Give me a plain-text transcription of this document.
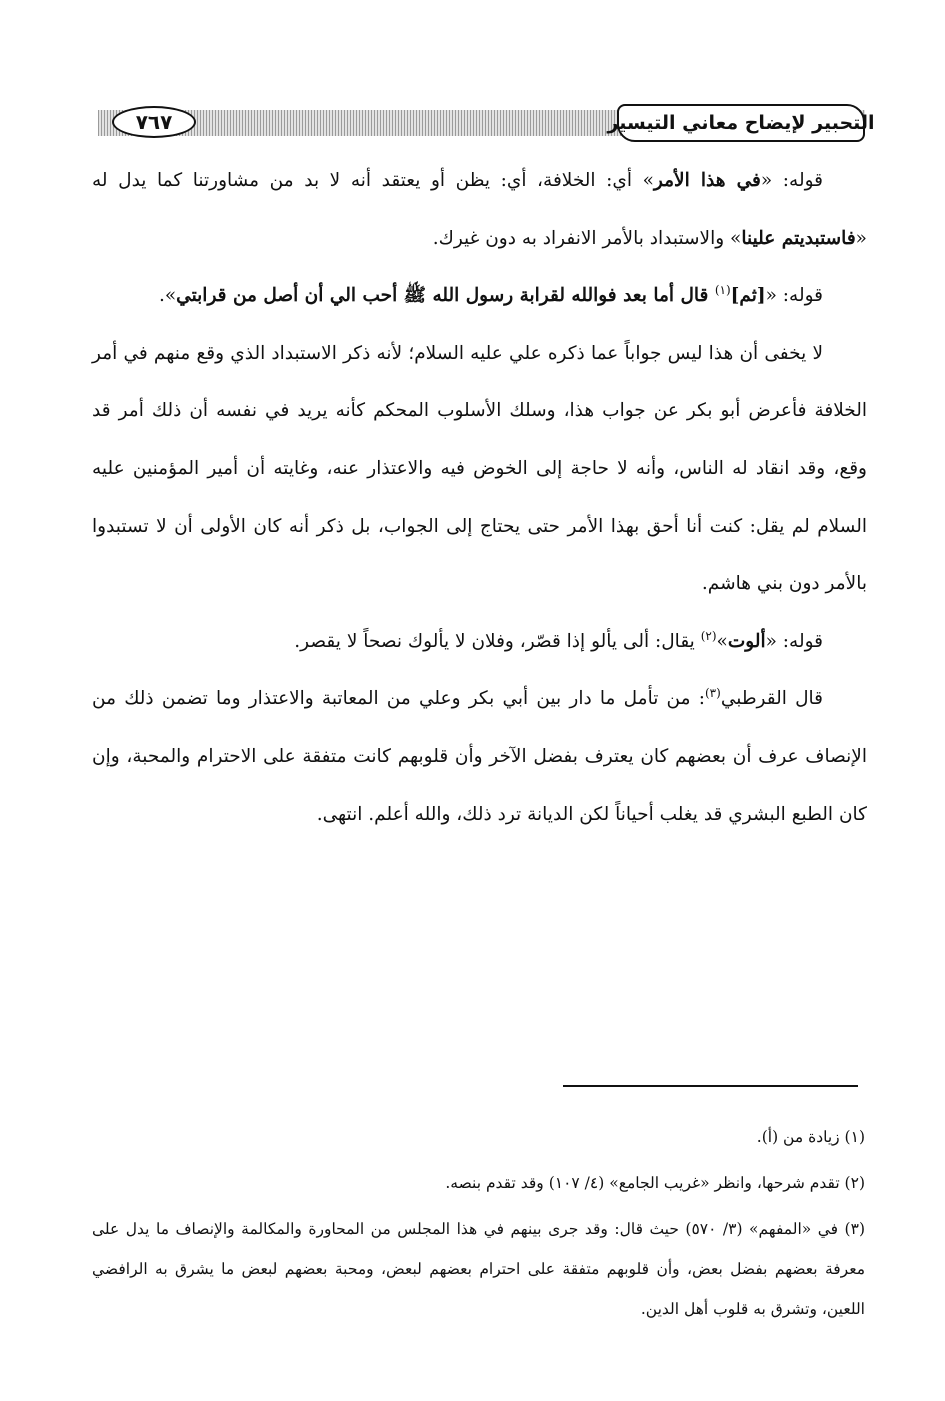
٧٦٧	التحبير لإيضاح معاني التيسير

قوله: «في هذا الأمر» أي: الخلافة، أي: يظن أو يعتقد أنه لا بد من مشاورتنا كما يدل له «فاستبديتم علينا» والاستبداد بالأمر الانفراد به دون غيرك.

قوله: «[ثم]$^{(١)}$ قال أما بعد فوالله لقرابة رسول الله ﷺ أحب الي أن أصل من قرابتي».

لا يخفى أن هذا ليس جواباً عما ذكره علي عليه السلام؛ لأنه ذكر الاستبداد الذي وقع منهم في أمر الخلافة فأعرض أبو بكر عن جواب هذا، وسلك الأسلوب المحكم كأنه يريد في نفسه أن ذلك أمر قد وقع، وقد انقاد له الناس، وأنه لا حاجة إلى الخوض فيه والاعتذار عنه، وغايته أن أمير المؤمنين عليه السلام لم يقل: كنت أنا أحق بهذا الأمر حتى يحتاج إلى الجواب، بل ذكر أنه كان الأولى أن لا تستبدوا بالأمر دون بني هاشم.

قوله: «ألوت»$^{(٢)}$ يقال: ألى يألو إذا قصّر، وفلان لا يألوك نصحاً لا يقصر.

قال القرطبي$^{(٣)}$: من تأمل ما دار بين أبي بكر وعلي من المعاتبة والاعتذار وما تضمن ذلك من الإنصاف عرف أن بعضهم كان يعترف بفضل الآخر وأن قلوبهم كانت متفقة على الاحترام والمحبة، وإن كان الطبع البشري قد يغلب أحياناً لكن الديانة ترد ذلك، والله أعلم. انتهى.

(١) زيادة من (أ).

(٢) تقدم شرحها، وانظر «غريب الجامع» (٤/ ١٠٧) وقد تقدم بنصه.

(٣) في «المفهم» (٣/ ٥٧٠) حيث قال: وقد جرى بينهم في هذا المجلس من المحاورة والمكالمة والإنصاف ما يدل على معرفة بعضهم بفضل بعض، وأن قلوبهم متفقة على احترام بعضهم لبعض، ومحبة بعضهم لبعض ما يشرق به الرافضي اللعين، وتشرق به قلوب أهل الدين.
